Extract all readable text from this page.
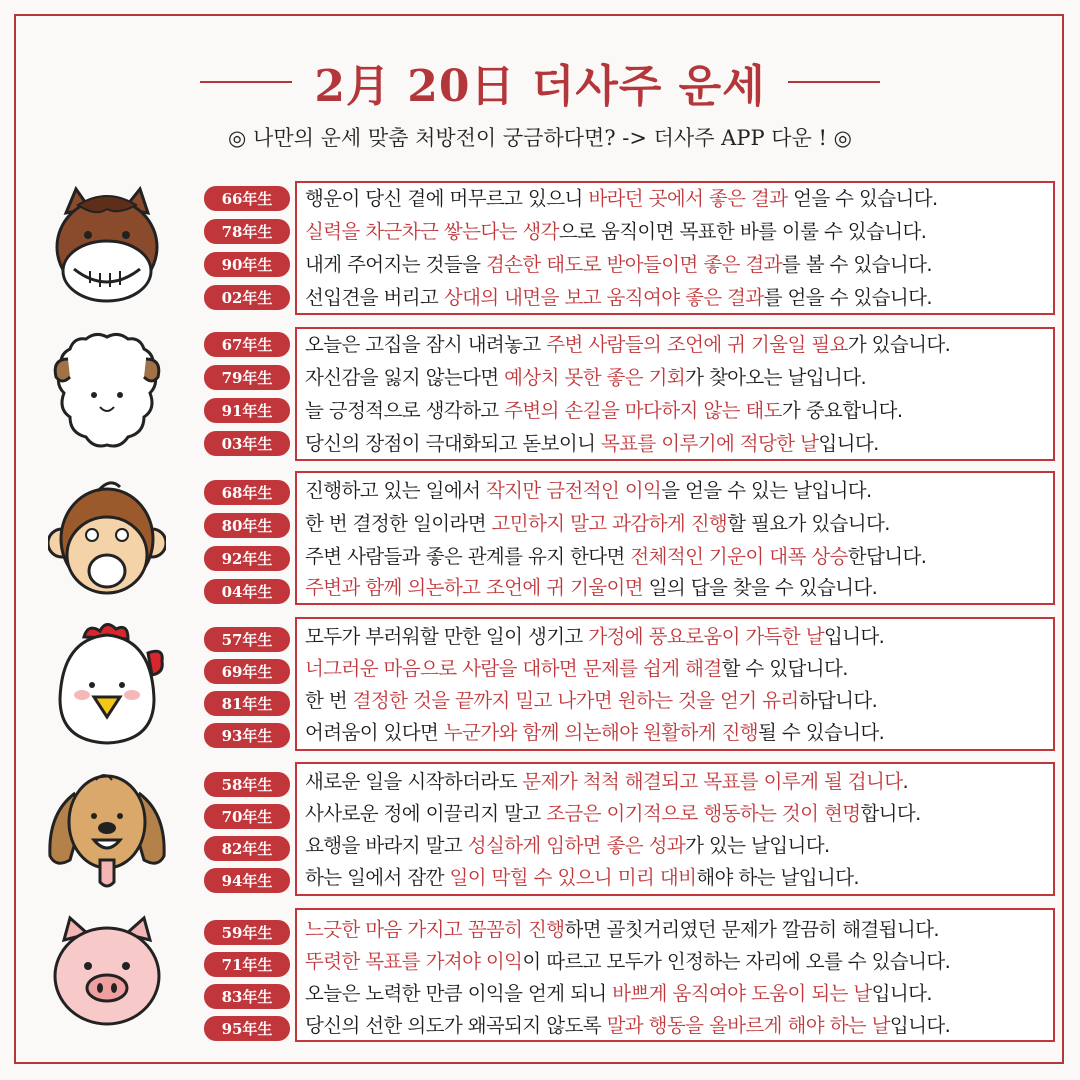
2月 20日 더사주 운세
◎ 나만의 운세 맞춤 처방전이 궁금하다면? -> 더사주 APP 다운 ! ◎
66年生
78年生
90年生
02年生
행운이 당신 곁에 머무르고 있으니 바라던 곳에서 좋은 결과 얻을 수 있습니다.
실력을 차근차근 쌓는다는 생각으로 움직이면 목표한 바를 이룰 수 있습니다.
내게 주어지는 것들을 겸손한 태도로 받아들이면 좋은 결과를 볼 수 있습니다.
선입견을 버리고 상대의 내면을 보고 움직여야 좋은 결과를 얻을 수 있습니다.
67年生
79年生
91年生
03年生
오늘은 고집을 잠시 내려놓고 주변 사람들의 조언에 귀 기울일 필요가 있습니다.
자신감을 잃지 않는다면 예상치 못한 좋은 기회가 찾아오는 날입니다.
늘 긍정적으로 생각하고 주변의 손길을 마다하지 않는 태도가 중요합니다.
당신의 장점이 극대화되고 돋보이니 목표를 이루기에 적당한 날입니다.
68年生
80年生
92年生
04年生
진행하고 있는 일에서 작지만 금전적인 이익을 얻을 수 있는 날입니다.
한 번 결정한 일이라면 고민하지 말고 과감하게 진행할 필요가 있습니다.
주변 사람들과 좋은 관계를 유지 한다면 전체적인 기운이 대폭 상승한답니다.
주변과 함께 의논하고 조언에 귀 기울이면 일의 답을 찾을 수 있습니다.
57年生
69年生
81年生
93年生
모두가 부러워할 만한 일이 생기고 가정에 풍요로움이 가득한 날입니다.
너그러운 마음으로 사람을 대하면 문제를 쉽게 해결할 수 있답니다.
한 번 결정한 것을 끝까지 밀고 나가면 원하는 것을 얻기 유리하답니다.
어려움이 있다면 누군가와 함께 의논해야 원활하게 진행될 수 있습니다.
58年生
70年生
82年生
94年生
새로운 일을 시작하더라도 문제가 척척 해결되고 목표를 이루게 될 겁니다.
사사로운 정에 이끌리지 말고 조금은 이기적으로 행동하는 것이 현명합니다.
요행을 바라지 말고 성실하게 임하면 좋은 성과가 있는 날입니다.
하는 일에서 잠깐 일이 막힐 수 있으니 미리 대비해야 하는 날입니다.
59年生
71年生
83年生
95年生
느긋한 마음 가지고 꼼꼼히 진행하면 골칫거리였던 문제가 깔끔히 해결됩니다.
뚜렷한 목표를 가져야 이익이 따르고 모두가 인정하는 자리에 오를 수 있습니다.
오늘은 노력한 만큼 이익을 얻게 되니 바쁘게 움직여야 도움이 되는 날입니다.
당신의 선한 의도가 왜곡되지 않도록 말과 행동을 올바르게 해야 하는 날입니다.
